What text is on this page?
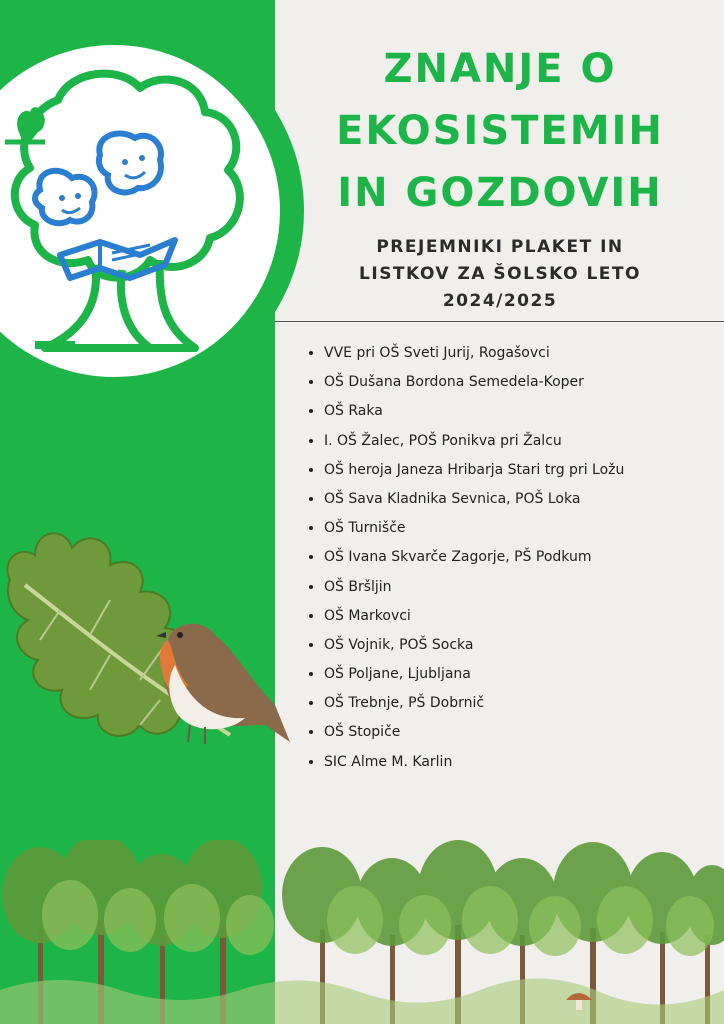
ZNANJE O
EKOSISTEMIH
IN GOZDOVIH
PREJEMNIKI PLAKET IN
LISTKOV ZA ŠOLSKO LETO
2024/2025
• VVE pri OŠ Sveti Jurij, Rogašovci
• OŠ Dušana Bordona Semedela-Koper
• OŠ Raka
• I. OŠ Žalec, POŠ Ponikva pri Žalcu
• OŠ heroja Janeza Hribarja Stari trg pri Ložu
• OŠ Sava Kladnika Sevnica, POŠ Loka
• OŠ Turnišče
• OŠ Ivana Skvarče Zagorje, PŠ Podkum
• OŠ Bršljin
• OŠ Markovci
• OŠ Vojnik, POŠ Socka
• OŠ Poljane, Ljubljana
• OŠ Trebnje, PŠ Dobrnič
• OŠ Stopiče
• SIC Alme M. Karlin
